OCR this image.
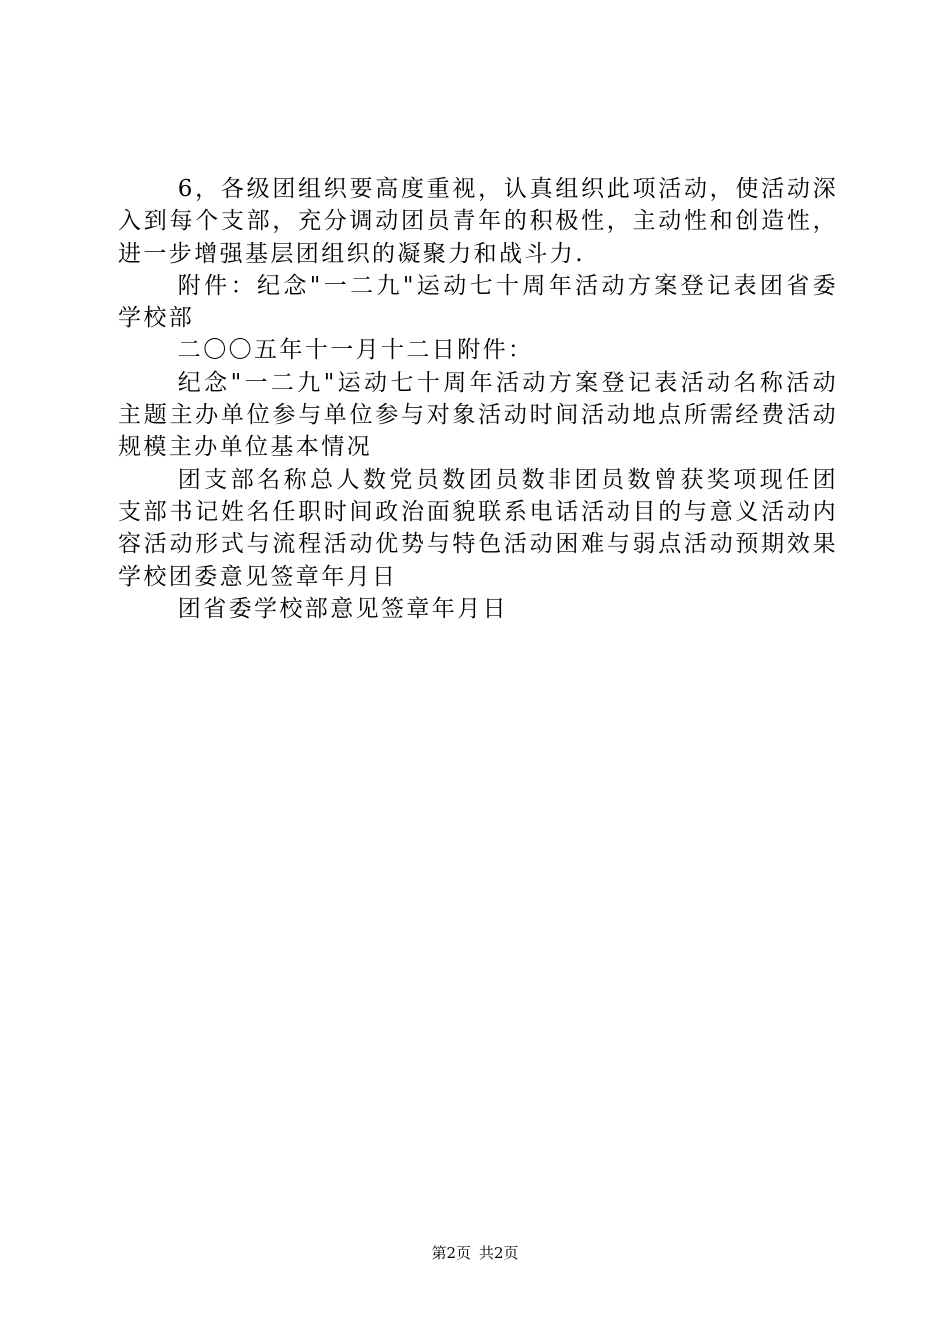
6，各级团组织要高度重视，认真组织此项活动，使活动深入到每个支部，充分调动团员青年的积极性，主动性和创造性，进一步增强基层团组织的凝聚力和战斗力.

附件：纪念"一二九"运动七十周年活动方案登记表团省委学校部

二〇〇五年十一月十二日附件：

纪念"一二九"运动七十周年活动方案登记表活动名称活动主题主办单位参与单位参与对象活动时间活动地点所需经费活动规模主办单位基本情况

团支部名称总人数党员数团员数非团员数曾获奖项现任团支部书记姓名任职时间政治面貌联系电话活动目的与意义活动内容活动形式与流程活动优势与特色活动困难与弱点活动预期效果学校团委意见签章年月日

团省委学校部意见签章年月日

第2页 共2页
